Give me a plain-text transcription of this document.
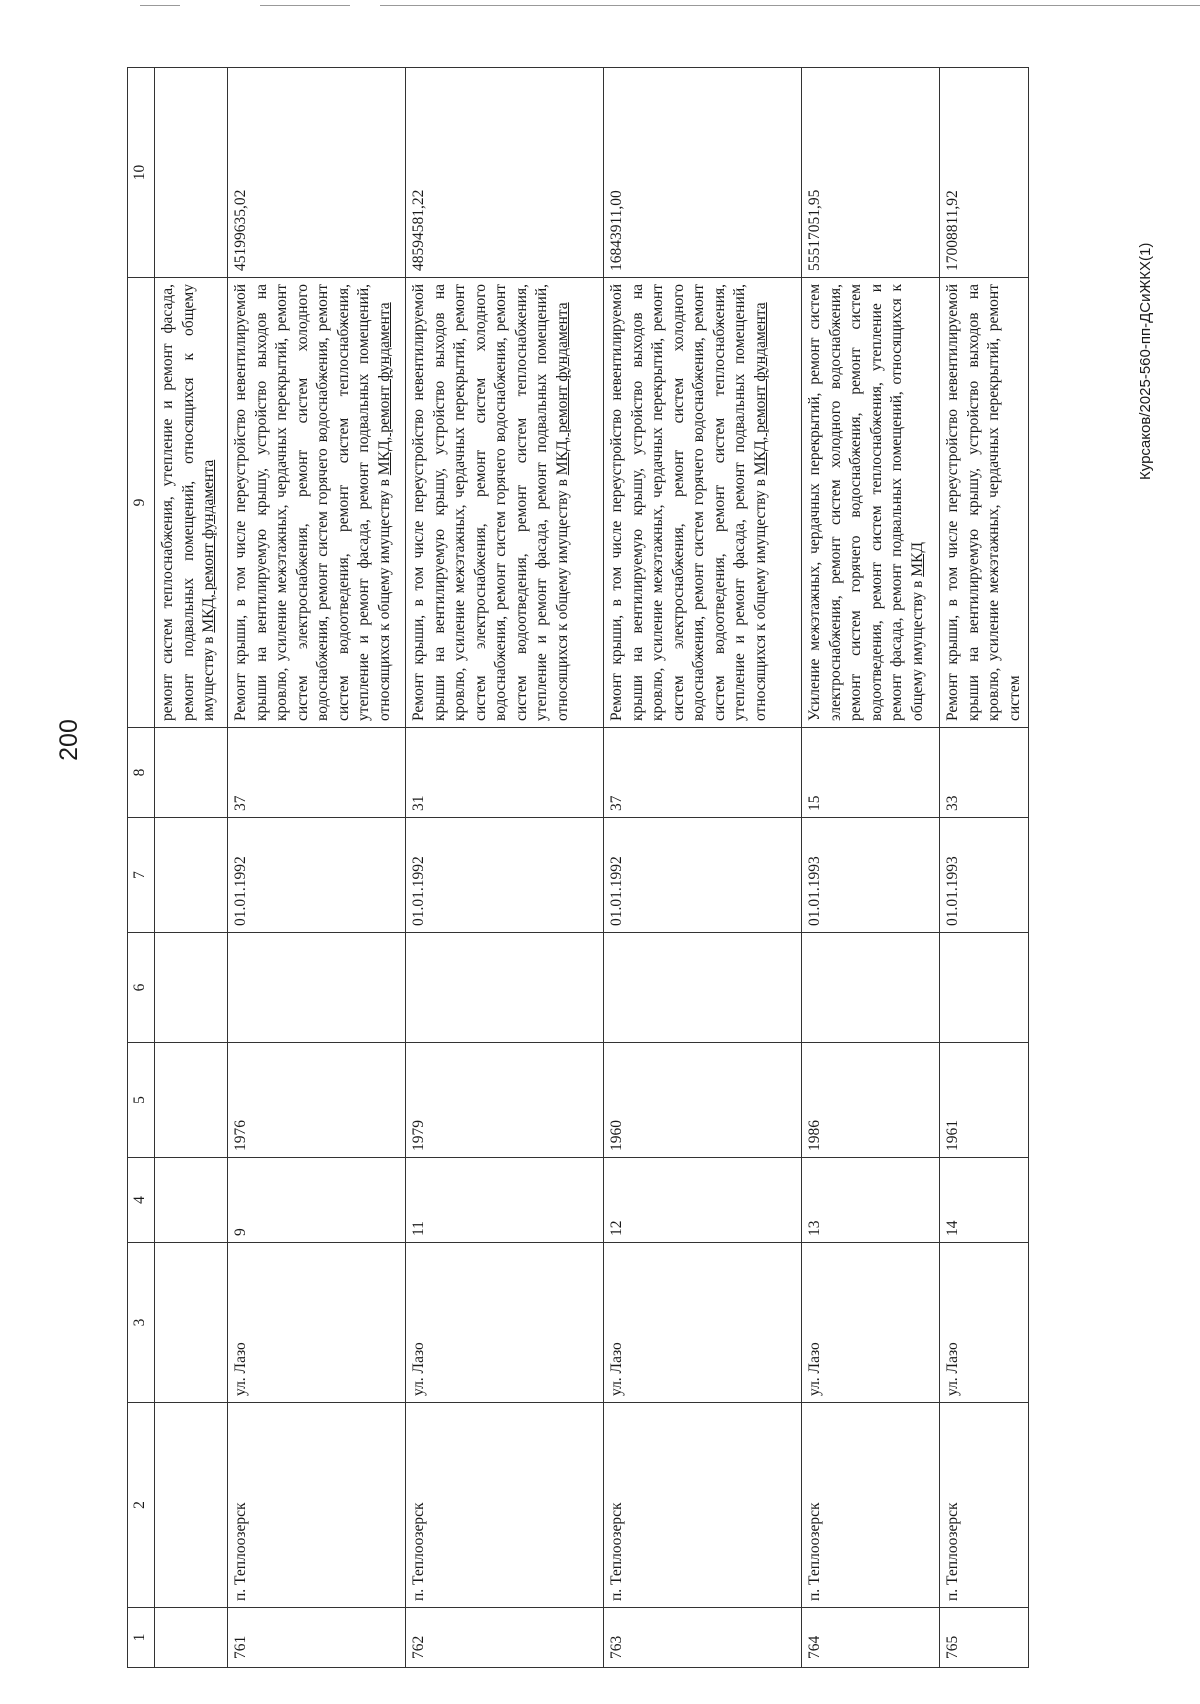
200
Курсаков/2025-560-пп-ДСиЖКХ(1)
1	2	3	4	5	6	7	8	9	10
								ремонт систем теплоснабжения, утепление и ремонт фасада, ремонт подвальных помещений, относящихся к общему имуществу в МКД, ремонт фундамента	
761	п. Теплоозерск	ул. Лазо	9	1976		01.01.1992	37	Ремонт крыши, в том числе переустройство невентилируемой крыши на вентилируемую крышу, устройство выходов на кровлю, усиление межэтажных, чердачных перекрытий, ремонт систем электроснабжения, ремонт систем холодного водоснабжения, ремонт систем горячего водоснабжения, ремонт систем водоотведения, ремонт систем теплоснабжения, утепление и ремонт фасада, ремонт подвальных помещений, относящихся к общему имуществу в МКД, ремонт фундамента	45199635,02
762	п. Теплоозерск	ул. Лазо	11	1979		01.01.1992	31	Ремонт крыши, в том числе переустройство невентилируемой крыши на вентилируемую крышу, устройство выходов на кровлю, усиление межэтажных, чердачных перекрытий, ремонт систем электроснабжения, ремонт систем холодного водоснабжения, ремонт систем горячего водоснабжения, ремонт систем водоотведения, ремонт систем теплоснабжения, утепление и ремонт фасада, ремонт подвальных помещений, относящихся к общему имуществу в МКД, ремонт фундамента	48594581,22
763	п. Теплоозерск	ул. Лазо	12	1960		01.01.1992	37	Ремонт крыши, в том числе переустройство невентилируемой крыши на вентилируемую крышу, устройство выходов на кровлю, усиление межэтажных, чердачных перекрытий, ремонт систем электроснабжения, ремонт систем холодного водоснабжения, ремонт систем горячего водоснабжения, ремонт систем водоотведения, ремонт систем теплоснабжения, утепление и ремонт фасада, ремонт подвальных помещений, относящихся к общему имуществу в МКД, ремонт фундамента	16843911,00
764	п. Теплоозерск	ул. Лазо	13	1986		01.01.1993	15	Усиление межэтажных, чердачных перекрытий, ремонт систем электроснабжения, ремонт систем холодного водоснабжения, ремонт систем горячего водоснабжения, ремонт систем водоотведения, ремонт систем теплоснабжения, утепление и ремонт фасада, ремонт подвальных помещений, относящихся к общему имуществу в МКД	55517051,95
765	п. Теплоозерск	ул. Лазо	14	1961		01.01.1993	33	Ремонт крыши, в том числе переустройство невентилируемой крыши на вентилируемую крышу, устройство выходов на кровлю, усиление межэтажных, чердачных перекрытий, ремонт систем	17008811,92
